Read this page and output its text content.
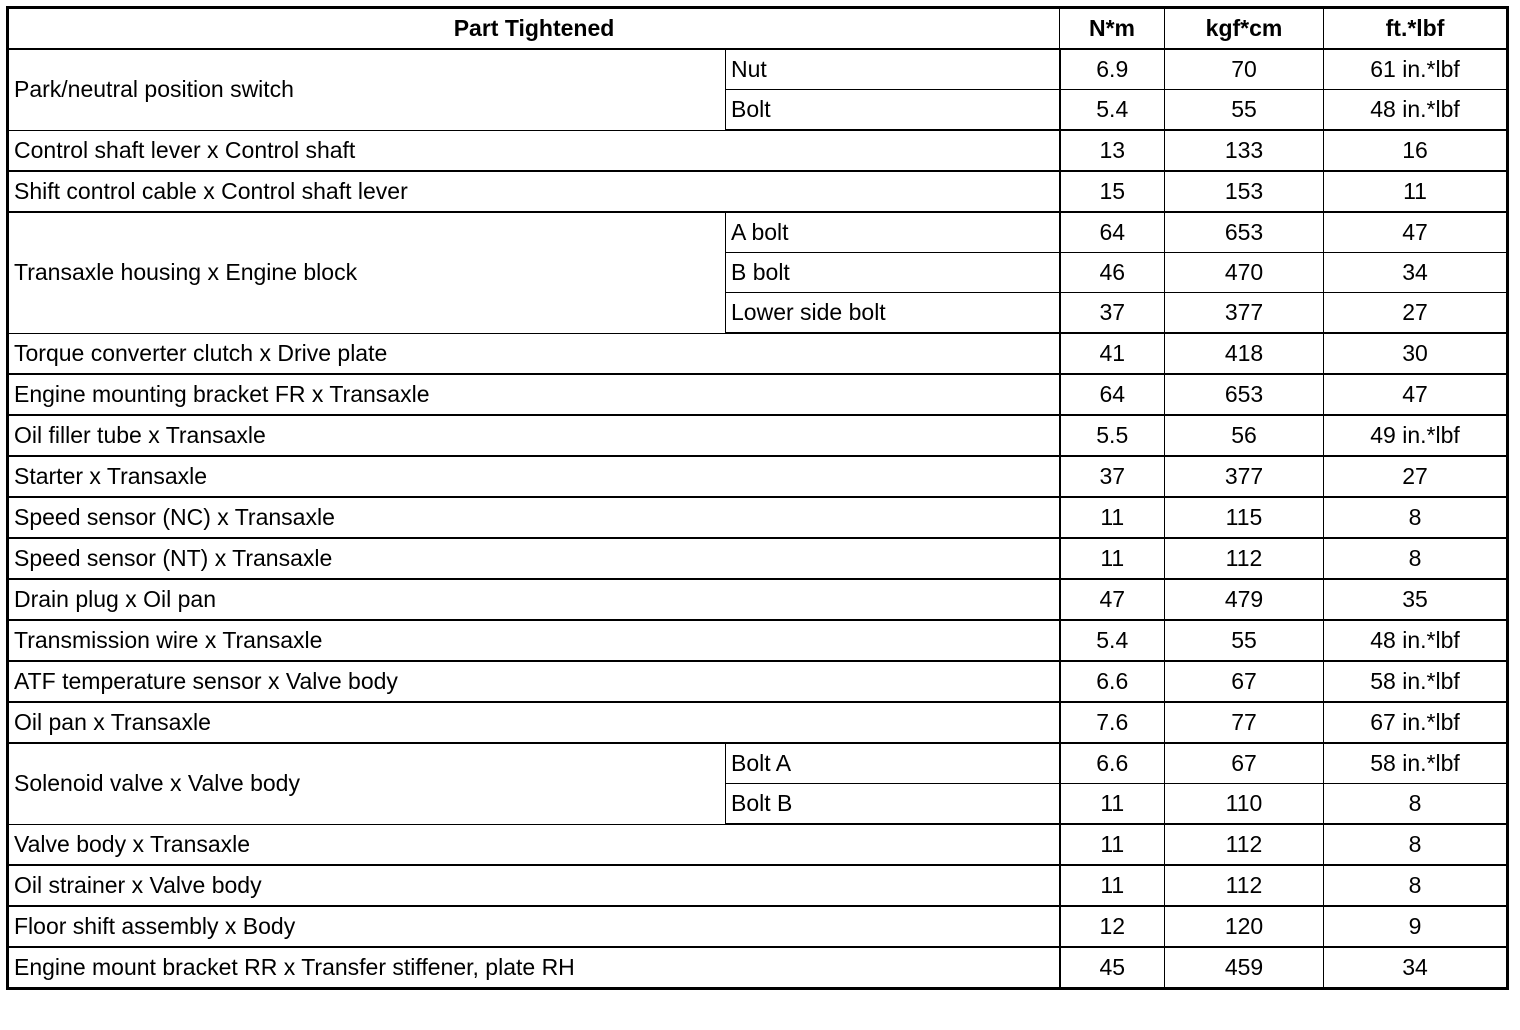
Part Tightened		N*m	kgf*cm	ft.*lbf
Park/neutral position switch	Nut	6.9	70	61 in.*lbf
	Bolt	5.4	55	48 in.*lbf
Control shaft lever x Control shaft		13	133	16
Shift control cable x Control shaft lever		15	153	11
Transaxle housing x Engine block	A bolt	64	653	47
	B bolt	46	470	34
	Lower side bolt	37	377	27
Torque converter clutch x Drive plate		41	418	30
Engine mounting bracket FR x Transaxle		64	653	47
Oil filler tube x Transaxle		5.5	56	49 in.*lbf
Starter x Transaxle		37	377	27
Speed sensor (NC) x Transaxle		11	115	8
Speed sensor (NT) x Transaxle		11	112	8
Drain plug x Oil pan		47	479	35
Transmission wire x Transaxle		5.4	55	48 in.*lbf
ATF temperature sensor x Valve body		6.6	67	58 in.*lbf
Oil pan x Transaxle		7.6	77	67 in.*lbf
Solenoid valve x Valve body	Bolt A	6.6	67	58 in.*lbf
	Bolt B	11	110	8
Valve body x Transaxle		11	112	8
Oil strainer x Valve body		11	112	8
Floor shift assembly x Body		12	120	9
Engine mount bracket RR x Transfer stiffener, plate RH		45	459	34
